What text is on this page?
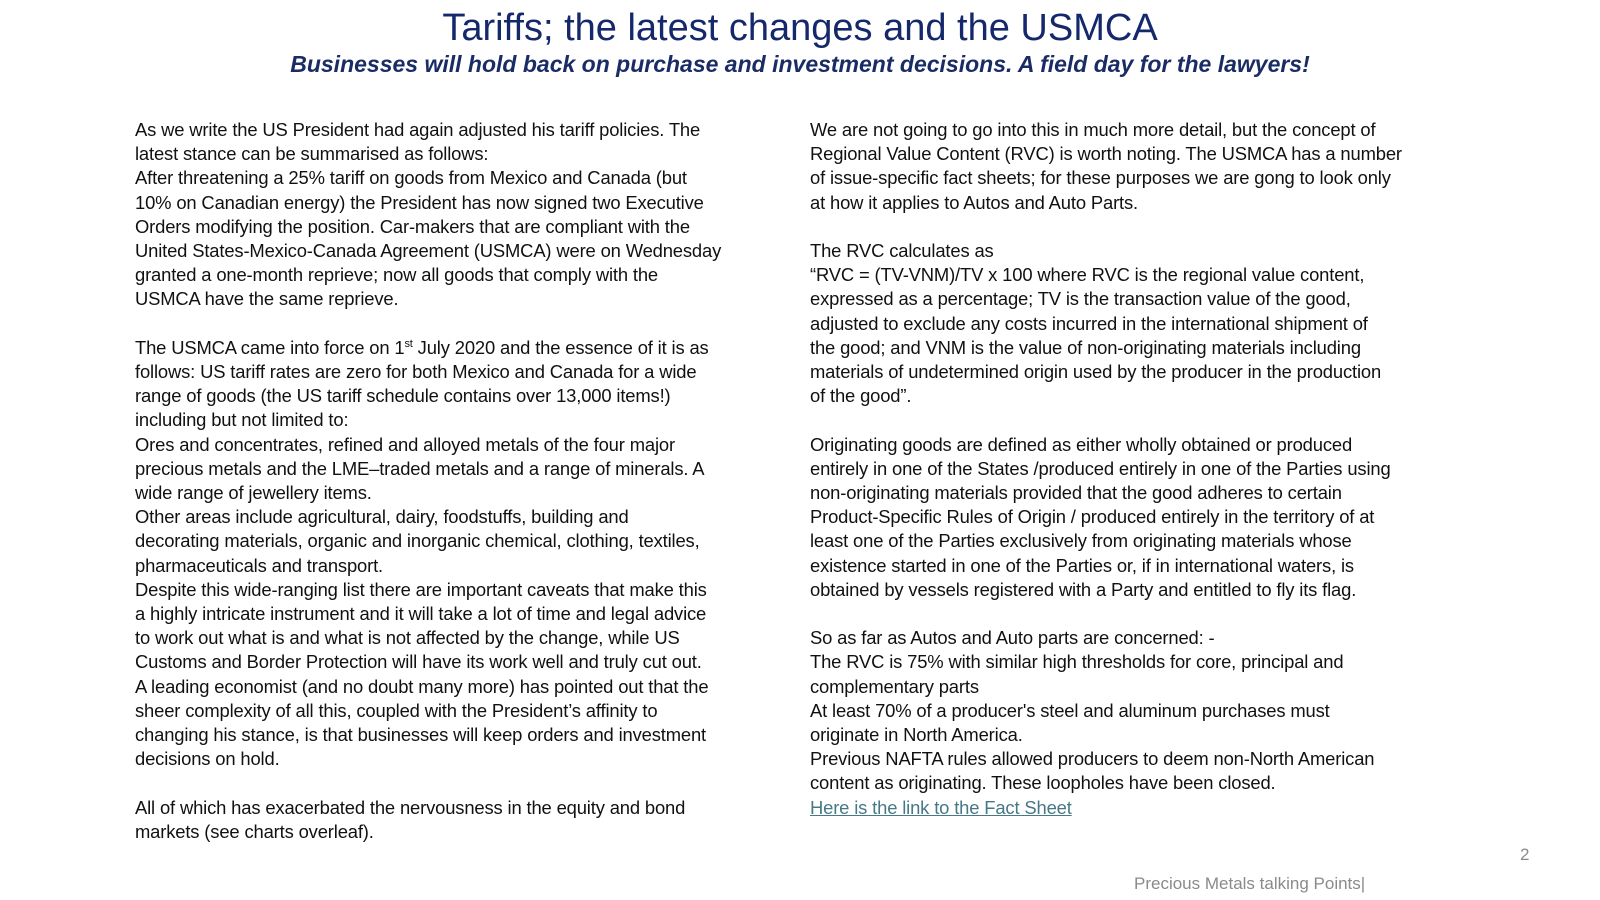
Tariffs; the latest changes and the USMCA
Businesses will hold back on purchase and investment decisions. A field day for the lawyers!
As we write the US President had again adjusted his tariff policies. The
latest stance can be summarised as follows:
After threatening a 25% tariff on goods from Mexico and Canada (but
10% on Canadian energy) the President has now signed two Executive
Orders modifying the position. Car-makers that are compliant with the
United States-Mexico-Canada Agreement (USMCA) were on Wednesday
granted a one-month reprieve; now all goods that comply with the
USMCA have the same reprieve.
The USMCA came into force on 1st July 2020 and the essence of it is as
follows: US tariff rates are zero for both Mexico and Canada for a wide
range of goods (the US tariff schedule contains over 13,000 items!)
including but not limited to:
Ores and concentrates, refined and alloyed metals of the four major
precious metals and the LME–traded metals and a range of minerals. A
wide range of jewellery items.
Other areas include agricultural, dairy, foodstuffs, building and
decorating materials, organic and inorganic chemical, clothing, textiles,
pharmaceuticals and transport.
Despite this wide-ranging list there are important caveats that make this
a highly intricate instrument and it will take a lot of time and legal advice
to work out what is and what is not affected by the change, while US
Customs and Border Protection will have its work well and truly cut out.
A leading economist (and no doubt many more) has pointed out that the
sheer complexity of all this, coupled with the President’s affinity to
changing his stance, is that businesses will keep orders and investment
decisions on hold.
All of which has exacerbated the nervousness in the equity and bond
markets (see charts overleaf).
We are not going to go into this in much more detail, but the concept of
Regional Value Content (RVC) is worth noting. The USMCA has a number
of issue-specific fact sheets; for these purposes we are gong to look only
at how it applies to Autos and Auto Parts.
The RVC calculates as
“RVC = (TV-VNM)/TV x 100 where RVC is the regional value content,
expressed as a percentage; TV is the transaction value of the good,
adjusted to exclude any costs incurred in the international shipment of
the good; and VNM is the value of non-originating materials including
materials of undetermined origin used by the producer in the production
of the good”.
Originating goods are defined as either wholly obtained or produced
entirely in one of the States /produced entirely in one of the Parties using
non-originating materials provided that the good adheres to certain
Product-Specific Rules of Origin / produced entirely in the territory of at
least one of the Parties exclusively from originating materials whose
existence started in one of the Parties or, if in international waters, is
obtained by vessels registered with a Party and entitled to fly its flag.
So as far as Autos and Auto parts are concerned: -
The RVC is 75% with similar high thresholds for core, principal and
complementary parts
At least 70% of a producer's steel and aluminum purchases must
originate in North America.
Previous NAFTA rules allowed producers to deem non-North American
content as originating. These loopholes have been closed.
Here is the link to the Fact Sheet
2
Precious Metals talking Points|
